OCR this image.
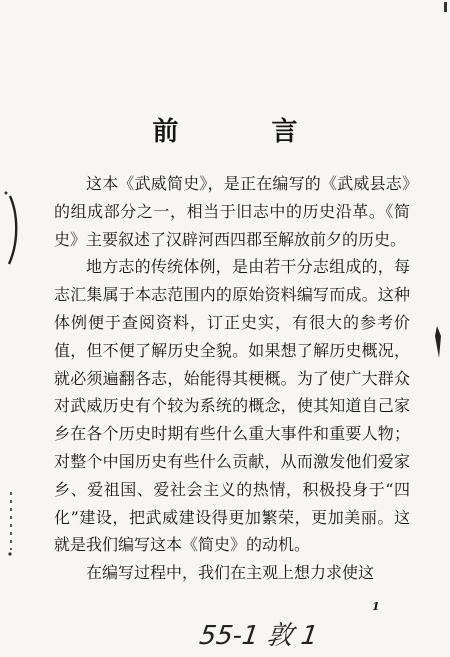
前 言

这本《武威简史》，是正在编写的《武威县志》的组成部分之一，相当于旧志中的历史沿革。《简史》主要叙述了汉辟河西四郡至解放前夕的历史。

地方志的传统体例，是由若干分志组成的，每志汇集属于本志范围内的原始资料编写而成。这种体例便于查阅资料，订正史实，有很大的参考价值，但不便了解历史全貌。如果想了解历史概况，就必须遍翻各志，始能得其梗概。为了使广大群众对武威历史有个较为系统的概念，使其知道自己家乡在各个历史时期有些什么重大事件和重要人物；对整个中国历史有些什么贡献，从而激发他们爱家乡、爱祖国、爱社会主义的热情，积极投身于“四化”建设，把武威建设得更加繁荣，更加美丽。这就是我们编写这本《简史》的动机。

在编写过程中，我们在主观上想力求使这

1
55-1 敦 1
